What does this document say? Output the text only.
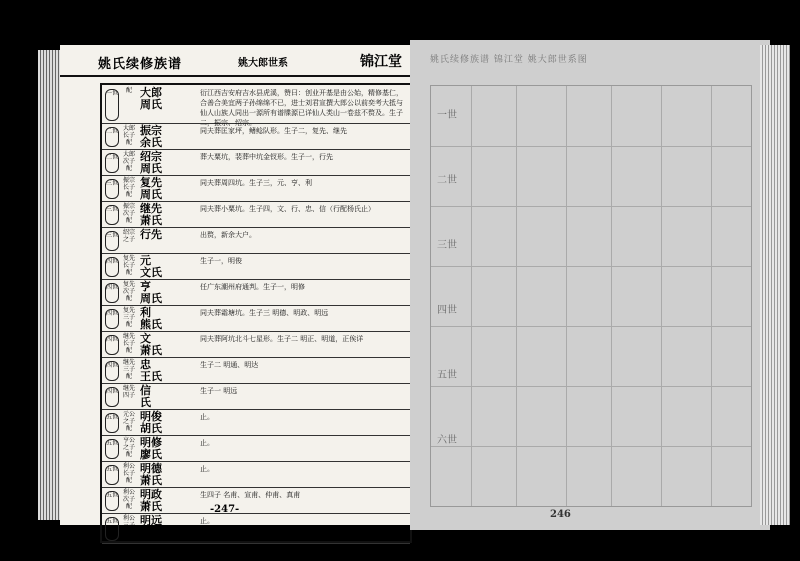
姚氏续修族谱	姚大郎世系	锦江堂
一世	配 大郎 周氏
衍江西吉安府吉水县虎溪，赞曰：创业开基是由公始，精修基仁，合善合美宜两子孙绵绵不已，进士刘君宣撰大郎公以前奕考大抵与仙人山族人同出一源所有谱牒源已详仙人类山一卷兹不赘及。生子二，振宗、绍宗。
二世 大郎长子 配
振宗 余氏
同夫葬匡家坪，鳍鲶队形。生子二，复先、继先
二世 大郎次子 配
绍宗 周氏
葬大粟坑，裴葬中坑金钗形。生子一，行先
三世 振宗长子 配
复先 周氏
同夫葬周四坑。生子三，元、亨、利
三世 振宗次子 配
继先 萧氏
同夫葬小粟坑。生子四，文、行、忠、信（行配杨氏止）
三世 绍宗之子 行先	出赘，新余大户。
四世 复先长子 配
元 文氏
生子一，明俊
四世 复先次子 配
亨 周氏
任广东潮州府通判。生子一，明修
四世 复先三子 配
利 熊氏
同夫葬霜塘坑。生子三 明德、明政、明远
四世 继先长子 配
文 萧氏
同夫葬阿坑北斗七星形。生子二 明正、明道，正俟详
四世 继先三子 配
忠 王氏
生子二 明通、明达
四世 继先四子 信 氏
生子一 明远
五世 元公之子 配
明俊 胡氏
止。
五世 亨公之子 配
明修 廖氏
止。
五世 利公长子 配
明德 萧氏
止。
五世 利公次子 配
明政 萧氏
生四子 名甫、宣甫、仲甫、真甫
五世 利公三子 配
明远 孔氏
止。
-247-
姚氏续修族谱 锦江堂 姚大郎世系图
一世
二世
三世
四世
五世
六世
246
